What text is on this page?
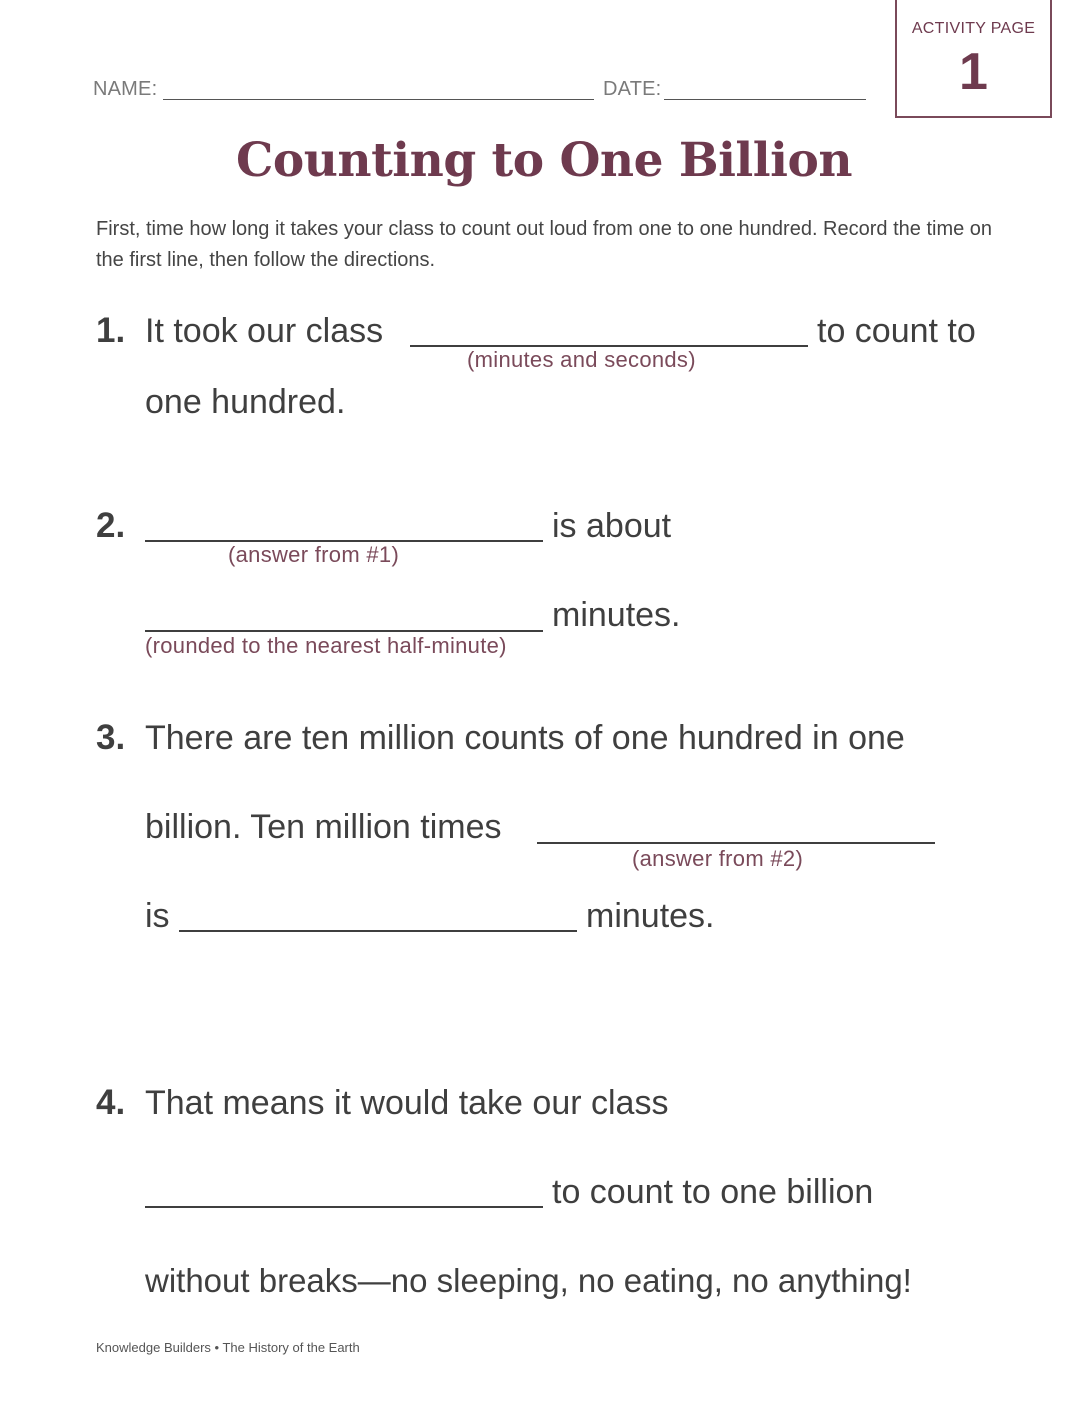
NAME:	DATE:
ACTIVITY PAGE
1
Counting to One Billion

First, time how long it takes your class to count out loud from one to one hundred. Record the time on the first line, then follow the directions.

1. It took our class	to count to
(minutes and seconds)
one hundred.
2.	is about
(answer from #1)
minutes.
(rounded to the nearest half-minute)
3. There are ten million counts of one hundred in one
billion. Ten million times
(answer from #2)
is	minutes.
4. That means it would take our class
to count to one billion
without breaks—no sleeping, no eating, no anything!
Knowledge Builders • The History of the Earth
